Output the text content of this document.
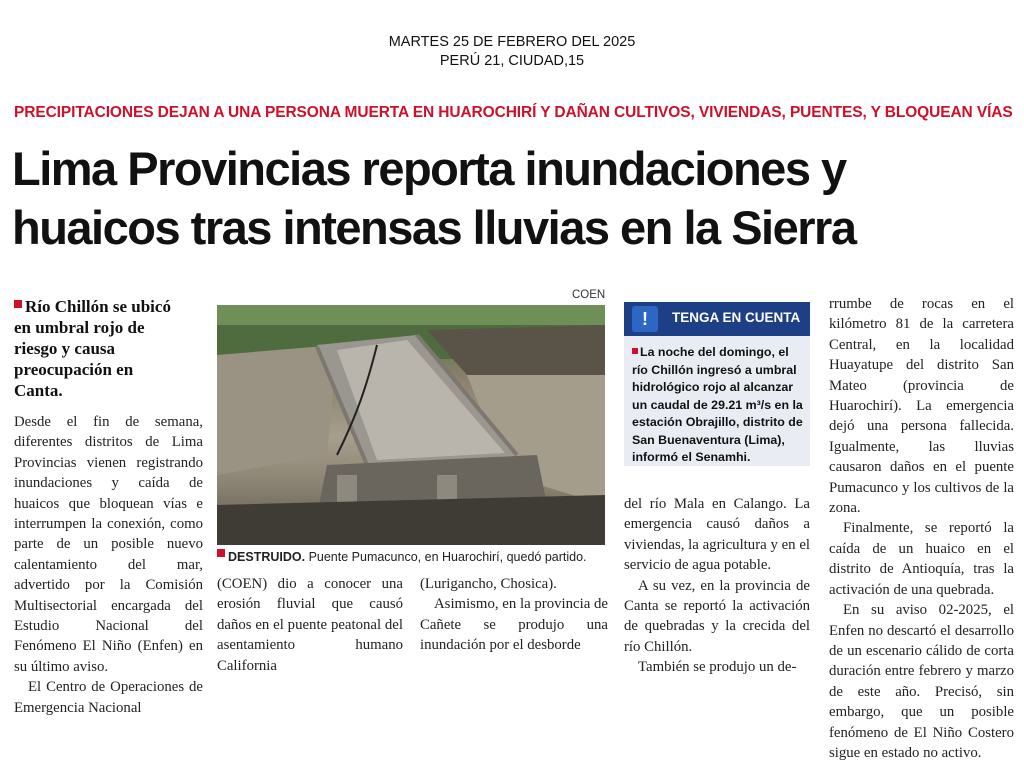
MARTES 25 DE FEBRERO DEL 2025
PERÚ 21, CIUDAD,15
PRECIPITACIONES DEJAN A UNA PERSONA MUERTA EN HUAROCHIRÍ Y DAÑAN CULTIVOS, VIVIENDAS, PUENTES, Y BLOQUEAN VÍAS
Lima Provincias reporta inundaciones y
huaicos tras intensas lluvias en la Sierra
Río Chillón se ubicó en umbral rojo de riesgo y causa preocupación en Canta.

Desde el fin de semana, diferentes distritos de Lima Provincias vienen registrando inundaciones y caída de huaicos que bloquean vías e interrumpen la conexión, como parte de un posible nuevo calentamiento del mar, advertido por la Comisión Multisectorial encargada del Estudio Nacional del Fenómeno El Niño (Enfen) en su último aviso.

El Centro de Operaciones de Emergencia Nacional

COEN
DESTRUIDO. Puente Pumacunco, en Huarochirí, quedó partido.

(COEN) dio a conocer una erosión fluvial que causó daños en el puente peatonal del asentamiento humano California

(Lurigancho, Chosica).

Asimismo, en la provincia de Cañete se produjo una inundación por el desborde

!	TENGA EN CUENTA
La noche del domingo, el río Chillón ingresó a umbral hidrológico rojo al alcanzar un caudal de 29.21 m³/s en la estación Obrajillo, distrito de San Buenaventura (Lima), informó el Senamhi.

del río Mala en Calango. La emergencia causó daños a viviendas, la agricultura y en el servicio de agua potable.

A su vez, en la provincia de Canta se reportó la activación de quebradas y la crecida del río Chillón.

También se produjo un de-

rrumbe de rocas en el kilómetro 81 de la carretera Central, en la localidad Huayatupe del distrito San Mateo (provincia de Huarochirí). La emergencia dejó una persona fallecida. Igualmente, las lluvias causaron daños en el puente Pumacunco y los cultivos de la zona.

Finalmente, se reportó la caída de un huaico en el distrito de Antioquía, tras la activación de una quebrada.

En su aviso 02-2025, el Enfen no descartó el desarrollo de un escenario cálido de corta duración entre febrero y marzo de este año. Precisó, sin embargo, que un posible fenómeno de El Niño Costero sigue en estado no activo.
